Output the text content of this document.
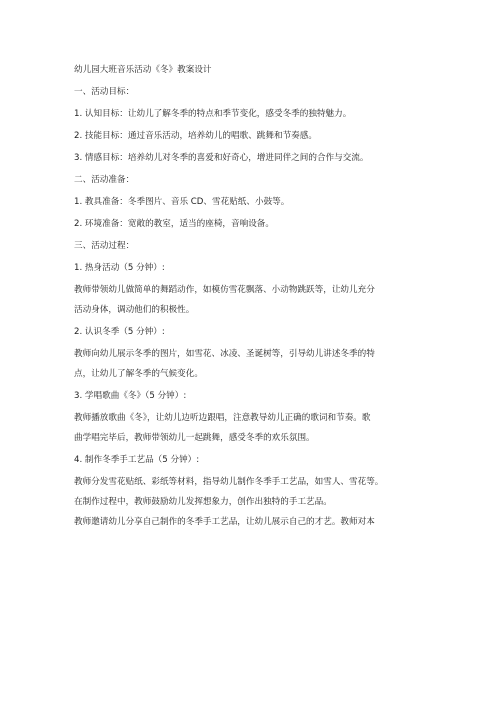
幼儿园大班音乐活动《冬》教案设计
一、活动目标：
1. 认知目标：让幼儿了解冬季的特点和季节变化，感受冬季的独特魅力。
2. 技能目标：通过音乐活动，培养幼儿的唱歌、跳舞和节奏感。
3. 情感目标：培养幼儿对冬季的喜爱和好奇心，增进同伴之间的合作与交流。
二、活动准备：
1. 教具准备：冬季图片、音乐 CD、雪花贴纸、小鼓等。
2. 环境准备：宽敞的教室，适当的座椅，音响设备。
三、活动过程：
1. 热身活动（5 分钟）:
教师带领幼儿做简单的舞蹈动作，如模仿雪花飘落、小动物跳跃等，让幼儿充分
活动身体，调动他们的积极性。
2. 认识冬季（5 分钟）:
教师向幼儿展示冬季的图片，如雪花、冰凌、圣诞树等，引导幼儿讲述冬季的特
点，让幼儿了解冬季的气候变化。
3. 学唱歌曲《冬》（5 分钟）:
教师播放歌曲《冬》，让幼儿边听边跟唱，注意教导幼儿正确的歌词和节奏。歌
曲学唱完毕后，教师带领幼儿一起跳舞，感受冬季的欢乐氛围。
4. 制作冬季手工艺品（5 分钟）:
教师分发雪花贴纸、彩纸等材料，指导幼儿制作冬季手工艺品，如雪人、雪花等。
在制作过程中，教师鼓励幼儿发挥想象力，创作出独特的手工艺品。
教师邀请幼儿分享自己制作的冬季手工艺品，让幼儿展示自己的才艺。教师对本
